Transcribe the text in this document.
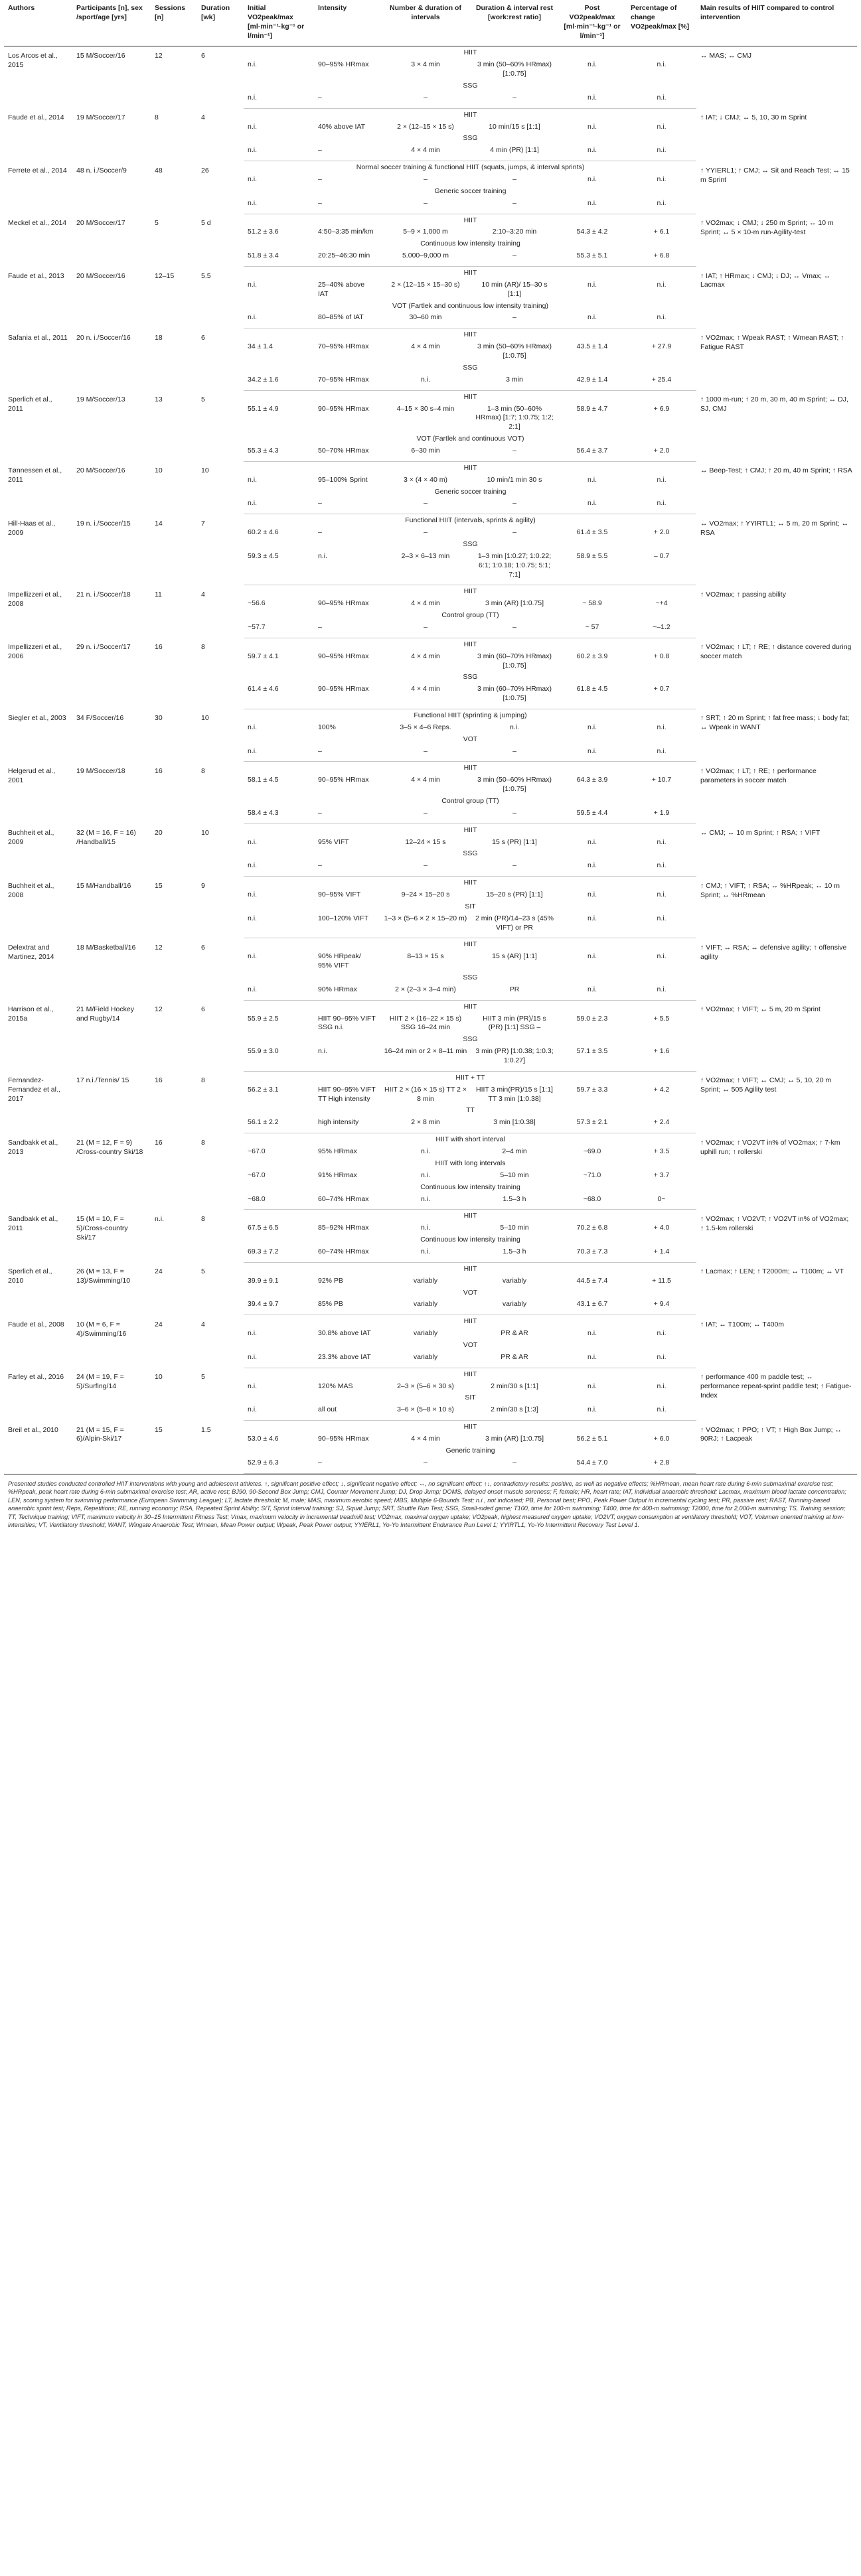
Authors	Participants [n], sex /sport/age [yrs]	Sessions [n]	Duration [wk]	Initial VO2peak/max [ml·min⁻¹·kg⁻¹ or l/min⁻¹]	Intensity	Number & duration of intervals	Duration & interval rest [work:rest ratio]	Post VO2peak/max [ml·min⁻¹·kg⁻¹ or l/min⁻¹]	Percentage of change VO2peak/max [%]	Main results of HIIT compared to control intervention
Los Arcos et al., 2015	15 M/Soccer/16	12	6		HIIT					↔ MAS; ↔ CMJ
				n.i.	90–95% HRmax	3 × 4 min	3 min (50–60% HRmax) [1:0.75]	n.i.	n.i.	
					SSG					
				n.i.	–	–	–	n.i.	n.i.	
Faude et al., 2014	19 M/Soccer/17	8	4		HIIT					↑ IAT; ↓ CMJ; ↔ 5, 10, 30 m Sprint
				n.i.	40% above IAT	2 × (12–15 × 15 s)	10 min/15 s [1:1]	n.i.	n.i.	
					SSG					
				n.i.	–	4 × 4 min	4 min (PR) [1:1]	n.i.	n.i.	
Ferrete et al., 2014	48 n. i./Soccer/9	48	26		Normal soccer training & functional HIIT (squats, jumps, & interval sprints)					↑ YYIERL1; ↑ CMJ; ↔ Sit and Reach Test; ↔ 15 m Sprint
				n.i.	–	–	–	n.i.	n.i.	
					Generic soccer training					
				n.i.	–	–	–	n.i.	n.i.	
Meckel et al., 2014	20 M/Soccer/17	5	5 d		HIIT					↑ VO2max; ↓ CMJ; ↓ 250 m Sprint; ↔ 10 m Sprint; ↔ 5 × 10-m run-Agility-test
				51.2 ± 3.6	4:50–3:35 min/km	5–9 × 1,000 m	2:10–3:20 min	54.3 ± 4.2	+ 6.1	
					Continuous low intensity training					
				51.8 ± 3.4	20:25–46:30 min	5.000–9,000 m	–	55.3 ± 5.1	+ 6.8	
Faude et al., 2013	20 M/Soccer/16	12–15	5.5		HIIT					↑ IAT; ↑ HRmax; ↓ CMJ; ↓ DJ; ↔ Vmax; ↔ Lacmax
				n.i.	25–40% above IAT	2 × (12–15 × 15–30 s)	10 min (AR)/ 15–30 s [1:1]	n.i.	n.i.	
					VOT (Fartlek and continuous low intensity training)					
				n.i.	80–85% of IAT	30–60 min	–	n.i.	n.i.	
Safania et al., 2011	20 n. i./Soccer/16	18	6		HIIT					↑ VO2max; ↑ Wpeak RAST; ↑ Wmean RAST; ↑ Fatigue RAST
				34 ± 1.4	70–95% HRmax	4 × 4 min	3 min (50–60% HRmax) [1:0.75]	43.5 ± 1.4	+ 27.9	
					SSG					
				34.2 ± 1.6	70–95% HRmax	n.i.	3 min	42.9 ± 1.4	+ 25.4	
Sperlich et al., 2011	19 M/Soccer/13	13	5		HIIT					↑ 1000 m-run; ↑ 20 m, 30 m, 40 m Sprint; ↔ DJ, SJ, CMJ
				55.1 ± 4.9	90–95% HRmax	4–15 × 30 s–4 min	1–3 min (50–60% HRmax) [1:7; 1:0.75; 1:2; 2:1]	58.9 ± 4.7	+ 6.9	
					VOT (Fartlek and continuous VOT)					
				55.3 ± 4.3	50–70% HRmax	6–30 min	–	56.4 ± 3.7	+ 2.0	
Tønnessen et al., 2011	20 M/Soccer/16	10	10		HIIT					↔ Beep-Test; ↑ CMJ; ↑ 20 m, 40 m Sprint; ↑ RSA
				n.i.	95–100% Sprint	3 × (4 × 40 m)	10 min/1 min 30 s	n.i.	n.i.	
					Generic soccer training					
				n.i.	–	–	–	n.i.	n.i.	
Hill-Haas et al., 2009	19 n. i./Soccer/15	14	7		Functional HIIT (intervals, sprints & agility)					↔ VO2max; ↑ YYIRTL1; ↔ 5 m, 20 m Sprint; ↔ RSA
				60.2 ± 4.6	–	–	–	61.4 ± 3.5	+ 2.0	
					SSG					
				59.3 ± 4.5	n.i.	2–3 × 6–13 min	1–3 min [1:0.27; 1:0.22; 6:1; 1:0.18; 1:0.75; 5:1; 7:1]	58.9 ± 5.5	– 0.7	
Impellizzeri et al., 2008	21 n. i./Soccer/18	11	4		HIIT					↑ VO2max; ↑ passing ability
				~56.6	90–95% HRmax	4 × 4 min	3 min (AR) [1:0.75]	~ 58.9	~+4	
					Control group (TT)					
				~57.7	–	–	–	~ 57	~–1.2	
Impellizzeri et al., 2006	29 n. i./Soccer/17	16	8		HIIT					↑ VO2max; ↑ LT; ↑ RE; ↑ distance covered during soccer match
				59.7 ± 4.1	90–95% HRmax	4 × 4 min	3 min (60–70% HRmax) [1:0.75]	60.2 ± 3.9	+ 0.8	
					SSG					
				61.4 ± 4.6	90–95% HRmax	4 × 4 min	3 min (60–70% HRmax) [1:0.75]	61.8 ± 4.5	+ 0.7	
Siegler et al., 2003	34 F/Soccer/16	30	10		Functional HIIT (sprinting & jumping)					↑ SRT; ↑ 20 m Sprint; ↑ fat free mass; ↓ body fat; ↔ Wpeak in WANT
				n.i.	100%	3–5 × 4–6 Reps.	n.i.	n.i.	n.i.	
					VOT					
				n.i.	–	–	–	n.i.	n.i.	
Helgerud et al., 2001	19 M/Soccer/18	16	8		HIIT					↑ VO2max; ↑ LT; ↑ RE; ↑ performance parameters in soccer match
				58.1 ± 4.5	90–95% HRmax	4 × 4 min	3 min (50–60% HRmax) [1:0.75]	64.3 ± 3.9	+ 10.7	
					Control group (TT)					
				58.4 ± 4.3	–	–	–	59.5 ± 4.4	+ 1.9	
Buchheit et al., 2009	32 (M = 16, F = 16) /Handball/15	20	10		HIIT					↔ CMJ; ↔ 10 m Sprint; ↑ RSA; ↑ VIFT
				n.i.	95% VIFT	12–24 × 15 s	15 s (PR) [1:1]	n.i.	n.i.	
					SSG					
				n.i.	–	–	–	n.i.	n.i.	
Buchheit et al., 2008	15 M/Handball/16	15	9		HIIT					↑ CMJ; ↑ VIFT; ↑ RSA; ↔ %HRpeak; ↔ 10 m Sprint; ↔ %HRmean
				n.i.	90–95% VIFT	9–24 × 15–20 s	15–20 s (PR) [1:1]	n.i.	n.i.	
					SIT					
				n.i.	100–120% VIFT	1–3 × (5–6 × 2 × 15–20 m)	2 min (PR)/14–23 s (45% VIFT) or PR	n.i.	n.i.	
Delextrat and Martinez, 2014	18 M/Basketball/16	12	6		HIIT					↑ VIFT; ↔ RSA; ↔ defensive agility; ↑ offensive agility
				n.i.	90% HRpeak/ 95% VIFT	8–13 × 15 s	15 s (AR) [1:1]	n.i.	n.i.	
					SSG					
				n.i.	90% HRmax	2 × (2–3 × 3–4 min)	PR	n.i.	n.i.	
Harrison et al., 2015a	21 M/Field Hockey and Rugby/14	12	6		HIIT					↑ VO2max; ↑ VIFT; ↔ 5 m, 20 m Sprint
				55.9 ± 2.5	HIIT 90–95% VIFT SSG n.i.	HIIT 2 × (16–22 × 15 s) SSG 16–24 min	HIIT 3 min (PR)/15 s (PR) [1:1] SSG –	59.0 ± 2.3	+ 5.5	
					SSG					
				55.9 ± 3.0	n.i.	16–24 min or 2 × 8–11 min	3 min (PR) [1:0.38; 1:0.3; 1:0.27]	57.1 ± 3.5	+ 1.6	
Fernandez-Fernandez et al., 2017	17 n.i./Tennis/ 15	16	8		HIIT + TT					↑ VO2max; ↑ VIFT; ↔ CMJ; ↔ 5, 10, 20 m Sprint; ↔ 505 Agility test
				56.2 ± 3.1	HIIT 90–95% VIFT TT High intensity	HIIT 2 × (16 × 15 s) TT 2 × 8 min	HIIT 3 min(PR)/15 s [1:1] TT 3 min [1:0.38]	59.7 ± 3.3	+ 4.2	
					TT					
				56.1 ± 2.2	high intensity	2 × 8 min	3 min [1:0.38]	57.3 ± 2.1	+ 2.4	
Sandbakk et al., 2013	21 (M = 12, F = 9) /Cross-country Ski/18	16	8		HIIT with short interval					↑ VO2max; ↑ VO2VT in% of VO2max; ↑ 7-km uphill run; ↑ rollerski
				~67.0	95% HRmax	n.i.	2–4 min	~69.0	+ 3.5	
					HIIT with long intervals					
				~67.0	91% HRmax	n.i.	5–10 min	~71.0	+ 3.7	
					Continuous low intensity training					
				~68.0	60–74% HRmax	n.i.	1.5–3 h	~68.0	0~	
Sandbakk et al., 2011	15 (M = 10, F = 5)/Cross-country Ski/17	n.i.	8		HIIT					↑ VO2max; ↑ VO2VT; ↑ VO2VT in% of VO2max; ↑ 1.5-km rollerski
				67.5 ± 6.5	85–92% HRmax	n.i.	5–10 min	70.2 ± 6.8	+ 4.0	
					Continuous low intensity training					
				69.3 ± 7.2	60–74% HRmax	n.i.	1.5–3 h	70.3 ± 7.3	+ 1.4	
Sperlich et al., 2010	26 (M = 13, F = 13)/Swimming/10	24	5		HIIT					↑ Lacmax; ↑ LEN; ↑ T2000m; ↔ T100m; ↔ VT
				39.9 ± 9.1	92% PB	variably	variably	44.5 ± 7.4	+ 11.5	
					VOT					
				39.4 ± 9.7	85% PB	variably	variably	43.1 ± 6.7	+ 9.4	
Faude et al., 2008	10 (M = 6, F = 4)/Swimming/16	24	4		HIIT					↑ IAT; ↔ T100m; ↔ T400m
				n.i.	30.8% above IAT	variably	PR & AR	n.i.	n.i.	
					VOT					
				n.i.	23.3% above IAT	variably	PR & AR	n.i.	n.i.	
Farley et al., 2016	24 (M = 19, F = 5)/Surfing/14	10	5		HIIT					↑ performance 400 m paddle test; ↔ performance repeat-sprint paddle test; ↑ Fatigue-Index
				n.i.	120% MAS	2–3 × (5–6 × 30 s)	2 min/30 s [1:1]	n.i.	n.i.	
					SIT					
				n.i.	all out	3–6 × (5–8 × 10 s)	2 min/30 s [1:3]	n.i.	n.i.	
Breil et al., 2010	21 (M = 15, F = 6)/Alpin-Ski/17	15	1.5		HIIT					↑ VO2max; ↑ PPO; ↑ VT; ↑ High Box Jump; ↔ 90RJ; ↑ Lacpeak
				53.0 ± 4.6	90–95% HRmax	4 × 4 min	3 min (AR) [1:0.75]	56.2 ± 5.1	+ 6.0	
					Generic training					
				52.9 ± 6.3	–	–	–	54.4 ± 7.0	+ 2.8	
Presented studies conducted controlled HIIT interventions with young and adolescent athletes. ↑, significant positive effect; ↓, significant negative effect; ↔, no significant effect; ↑↓, contradictory results: positive, as well as negative effects; %HRmean, mean heart rate during 6-min submaximal exercise test; %HRpeak, peak heart rate during 6-min submaximal exercise test; AR, active rest; BJ90, 90-Second Box Jump; CMJ, Counter Movement Jump; DJ, Drop Jump; DOMS, delayed onset muscle soreness; F, female; HR, heart rate; IAT, individual anaerobic threshold; Lacmax, maximum blood lactate concentration; LEN, scoring system for swimming performance (European Swimming League); LT, lactate threshold; M, male; MAS, maximum aerobic speed; MBS, Multiple 6-Bounds Test; n.i., not indicated; PB, Personal best; PPO, Peak Power Output in incremental cycling test; PR, passive rest; RAST, Running-based anaerobic sprint test; Reps, Repetitions; RE, running economy; RSA, Repeated Sprint Ability; SIT, Sprint interval training; SJ, Squat Jump; SRT, Shuttle Run Test; SSG, Small-sided game; T100, time for 100-m swimming; T400, time for 400-m swimming; T2000, time for 2,000-m swimming; TS, Training session; TT, Technique training; VIFT, maximum velocity in 30–15 Intermittent Fitness Test; Vmax, maximum velocity in incremental treadmill test; VO2max, maximal oxygen uptake; VO2peak, highest measured oxygen uptake; VO2VT, oxygen consumption at ventilatory threshold; VOT, Volumen oriented training at low-intensities; VT, Ventilatory threshold; WANT, Wingate Anaerobic Test; Wmean, Mean Power output; Wpeak, Peak Power output; YYIERL1, Yo-Yo Intermittent Endurance Run Level 1; YYIRTL1, Yo-Yo Intermittent Recovery Test Level 1.
